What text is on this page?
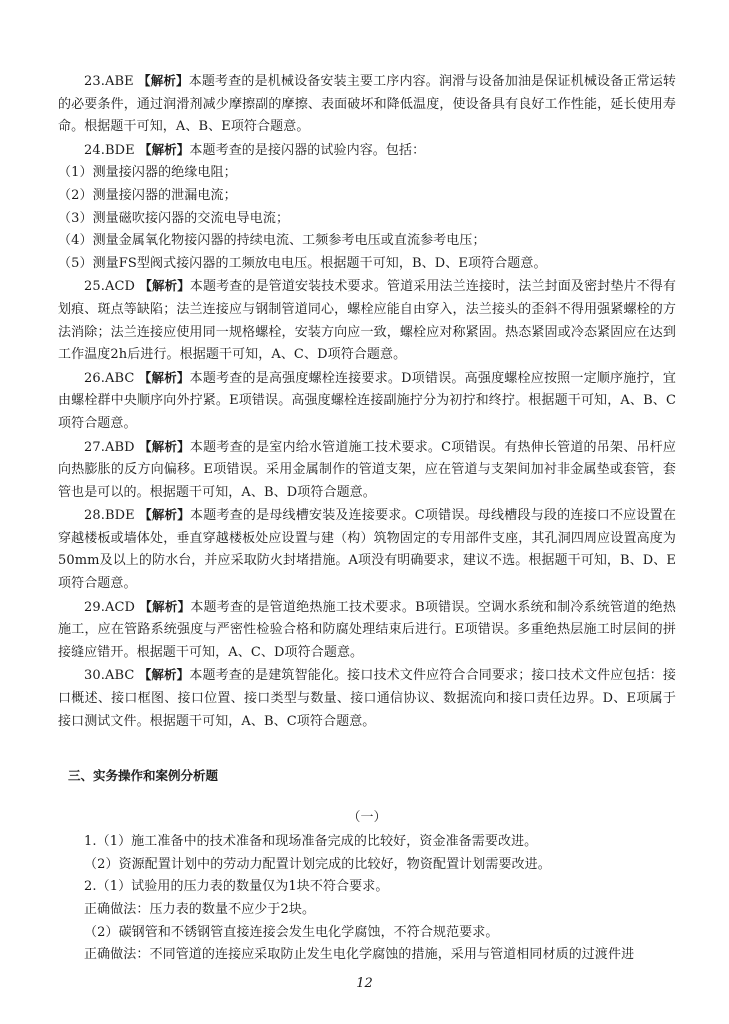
23.ABE 【解析】本题考查的是机械设备安装主要工序内容。润滑与设备加油是保证机械设备正常运转的必要条件，通过润滑剂减少摩擦副的摩擦、表面破坏和降低温度，使设备具有良好工作性能，延长使用寿命。根据题干可知，A、B、E项符合题意。

24.BDE 【解析】本题考查的是接闪器的试验内容。包括：

（1）测量接闪器的绝缘电阻；

（2）测量接闪器的泄漏电流；

（3）测量磁吹接闪器的交流电导电流；

（4）测量金属氧化物接闪器的持续电流、工频参考电压或直流参考电压；

（5）测量FS型阀式接闪器的工频放电电压。根据题干可知，B、D、E项符合题意。

25.ACD 【解析】本题考查的是管道安装技术要求。管道采用法兰连接时，法兰封面及密封垫片不得有划痕、斑点等缺陷；法兰连接应与钢制管道同心，螺栓应能自由穿入，法兰接头的歪斜不得用强紧螺栓的方法消除；法兰连接应使用同一规格螺栓，安装方向应一致，螺栓应对称紧固。热态紧固或冷态紧固应在达到工作温度2h后进行。根据题干可知，A、C、D项符合题意。

26.ABC 【解析】本题考查的是高强度螺栓连接要求。D项错误。高强度螺栓应按照一定顺序施拧，宜由螺栓群中央顺序向外拧紧。E项错误。高强度螺栓连接副施拧分为初拧和终拧。根据题干可知，A、B、C项符合题意。

27.ABD 【解析】本题考查的是室内给水管道施工技术要求。C项错误。有热伸长管道的吊架、吊杆应向热膨胀的反方向偏移。E项错误。采用金属制作的管道支架，应在管道与支架间加衬非金属垫或套管，套管也是可以的。根据题干可知，A、B、D项符合题意。

28.BDE 【解析】本题考查的是母线槽安装及连接要求。C项错误。母线槽段与段的连接口不应设置在穿越楼板或墙体处，垂直穿越楼板处应设置与建（构）筑物固定的专用部件支座，其孔洞四周应设置高度为50mm及以上的防水台，并应采取防火封堵措施。A项没有明确要求，建议不选。根据题干可知，B、D、E项符合题意。

29.ACD 【解析】本题考查的是管道绝热施工技术要求。B项错误。空调水系统和制冷系统管道的绝热施工，应在管路系统强度与严密性检验合格和防腐处理结束后进行。E项错误。多重绝热层施工时层间的拼接缝应错开。根据题干可知，A、C、D项符合题意。

30.ABC 【解析】本题考查的是建筑智能化。接口技术文件应符合合同要求；接口技术文件应包括：接口概述、接口框图、接口位置、接口类型与数量、接口通信协议、数据流向和接口责任边界。D、E项属于接口测试文件。根据题干可知，A、B、C项符合题意。

三、实务操作和案例分析题

（一）

1.（1）施工准备中的技术准备和现场准备完成的比较好，资金准备需要改进。

（2）资源配置计划中的劳动力配置计划完成的比较好，物资配置计划需要改进。

2.（1）试验用的压力表的数量仅为1块不符合要求。

正确做法：压力表的数量不应少于2块。

（2）碳钢管和不锈钢管直接连接会发生电化学腐蚀，不符合规范要求。

正确做法：不同管道的连接应采取防止发生电化学腐蚀的措施，采用与管道相同材质的过渡件进

12
